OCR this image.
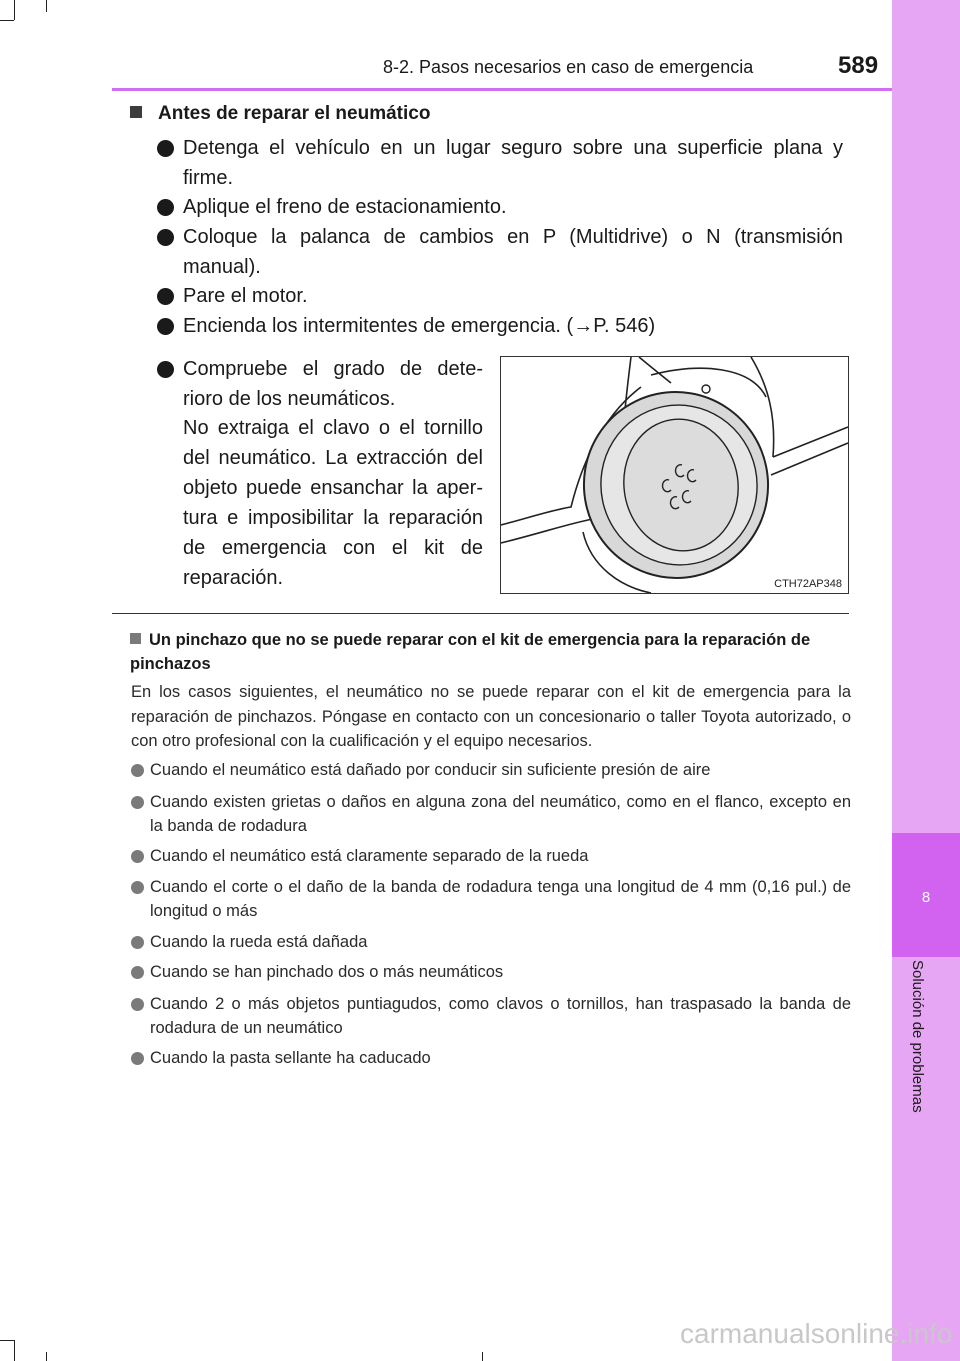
8
Solución de problemas
8-2. Pasos necesarios en caso de emergencia	589
Antes de reparar el neumático
Detenga el vehículo en un lugar seguro sobre una superficie plana y firme.
Aplique el freno de estacionamiento.
Coloque la palanca de cambios en P (Multidrive) o N (transmisión manual).
Pare el motor.
Encienda los intermitentes de emergencia. (→P. 546)
Compruebe el grado de dete-rioro de los neumáticos.
No extraiga el clavo o el tornillo del neumático. La extracción del objeto puede ensanchar la aper-tura e imposibilitar la reparación de emergencia con el kit de reparación.	CTH72AP348
Un pinchazo que no se puede reparar con el kit de emergencia para la reparación de pinchazos
En los casos siguientes, el neumático no se puede reparar con el kit de emergencia para la reparación de pinchazos. Póngase en contacto con un concesionario o taller Toyota autorizado, o con otro profesional con la cualificación y el equipo necesarios.
Cuando el neumático está dañado por conducir sin suficiente presión de aire
Cuando existen grietas o daños en alguna zona del neumático, como en el flanco, excepto en la banda de rodadura
Cuando el neumático está claramente separado de la rueda
Cuando el corte o el daño de la banda de rodadura tenga una longitud de 4 mm (0,16 pul.) de longitud o más
Cuando la rueda está dañada
Cuando se han pinchado dos o más neumáticos
Cuando 2 o más objetos puntiagudos, como clavos o tornillos, han traspasado la banda de rodadura de un neumático
Cuando la pasta sellante ha caducado
carmanualsonline.info
